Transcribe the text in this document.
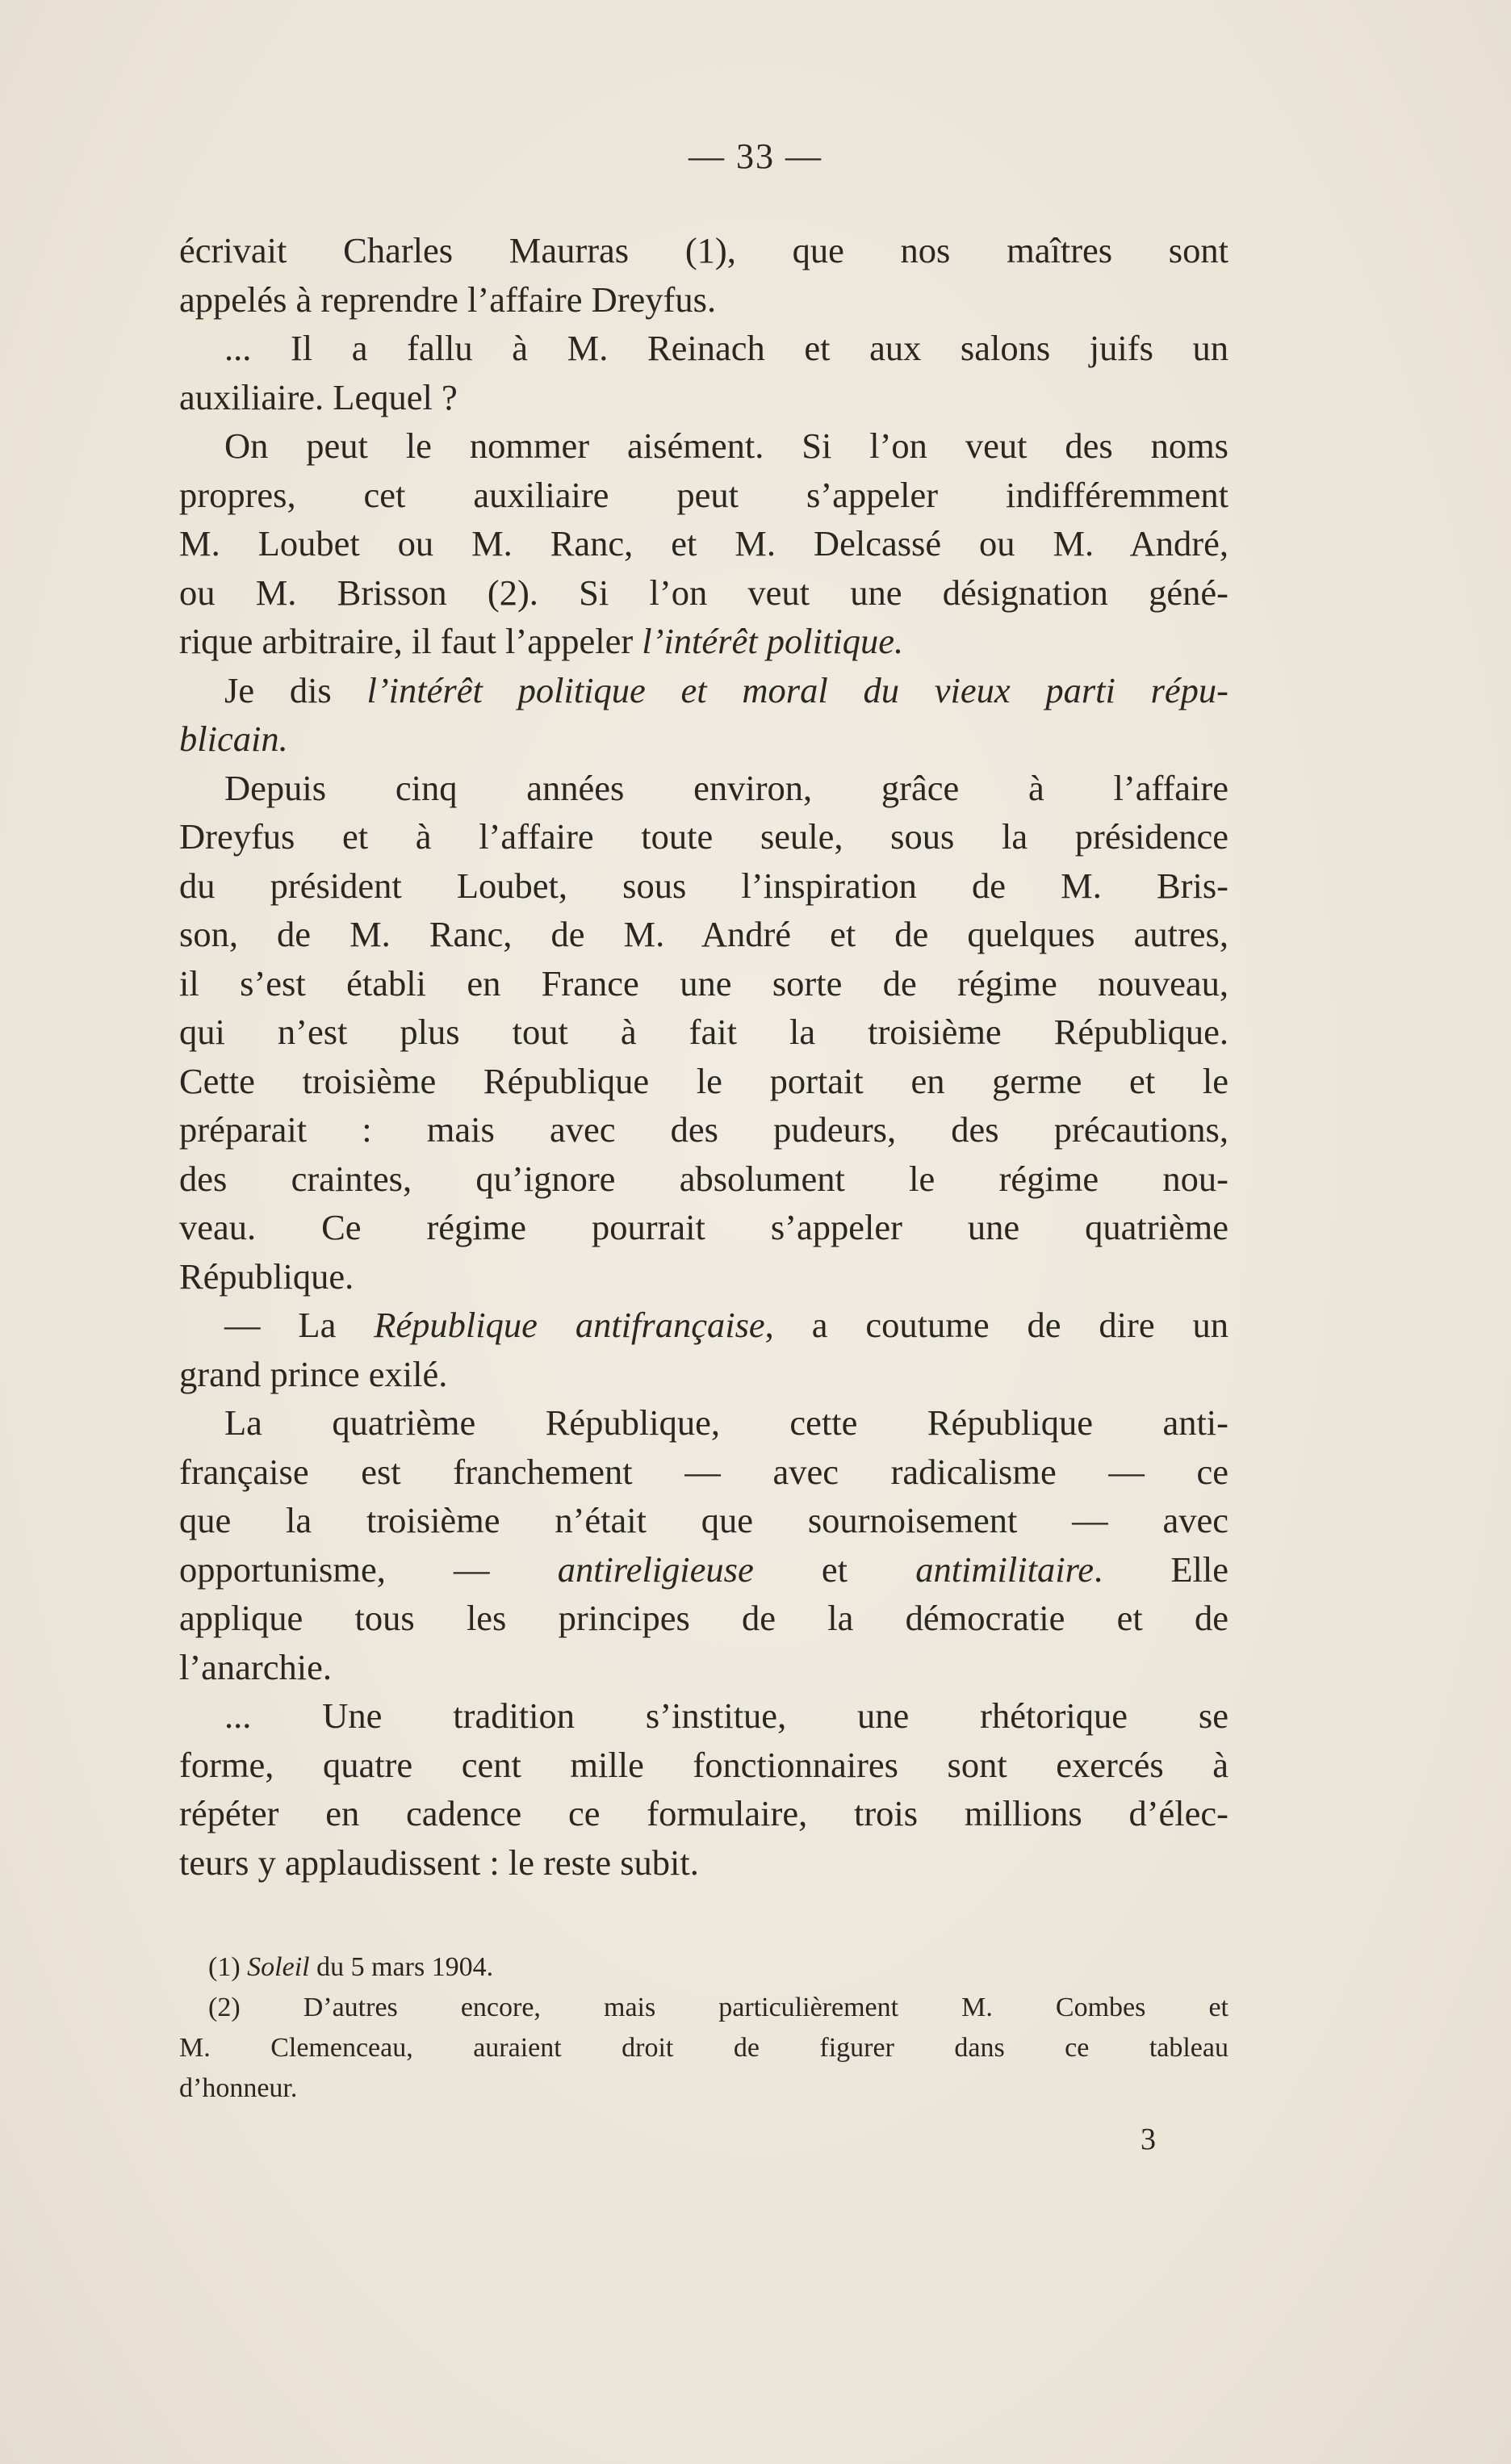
— 33 —
écrivait Charles Maurras (1), que nos maîtres sont
appelés à reprendre l’affaire Dreyfus.
... Il a fallu à M. Reinach et aux salons juifs un
auxiliaire. Lequel ?
On peut le nommer aisément. Si l’on veut des noms
propres, cet auxiliaire peut s’appeler indifféremment
M. Loubet ou M. Ranc, et M. Delcassé ou M. André,
ou M. Brisson (2). Si l’on veut une désignation géné-
rique arbitraire, il faut l’appeler l’intérêt politique.
Je dis l’intérêt politique et moral du vieux parti répu-
blicain.
Depuis cinq années environ, grâce à l’affaire
Dreyfus et à l’affaire toute seule, sous la présidence
du président Loubet, sous l’inspiration de M. Bris-
son, de M. Ranc, de M. André et de quelques autres,
il s’est établi en France une sorte de régime nouveau,
qui n’est plus tout à fait la troisième République.
Cette troisième République le portait en germe et le
préparait : mais avec des pudeurs, des précautions,
des craintes, qu’ignore absolument le régime nou-
veau. Ce régime pourrait s’appeler une quatrième
République.
— La République antifrançaise, a coutume de dire un
grand prince exilé.
La quatrième République, cette République anti-
française est franchement — avec radicalisme — ce
que la troisième n’était que sournoisement — avec
opportunisme, — antireligieuse et antimilitaire. Elle
applique tous les principes de la démocratie et de
l’anarchie.
... Une tradition s’institue, une rhétorique se
forme, quatre cent mille fonctionnaires sont exercés à
répéter en cadence ce formulaire, trois millions d’élec-
teurs y applaudissent : le reste subit.
(1) Soleil du 5 mars 1904.
(2) D’autres encore, mais particulièrement M. Combes et
M. Clemenceau, auraient droit de figurer dans ce tableau
d’honneur.
3
